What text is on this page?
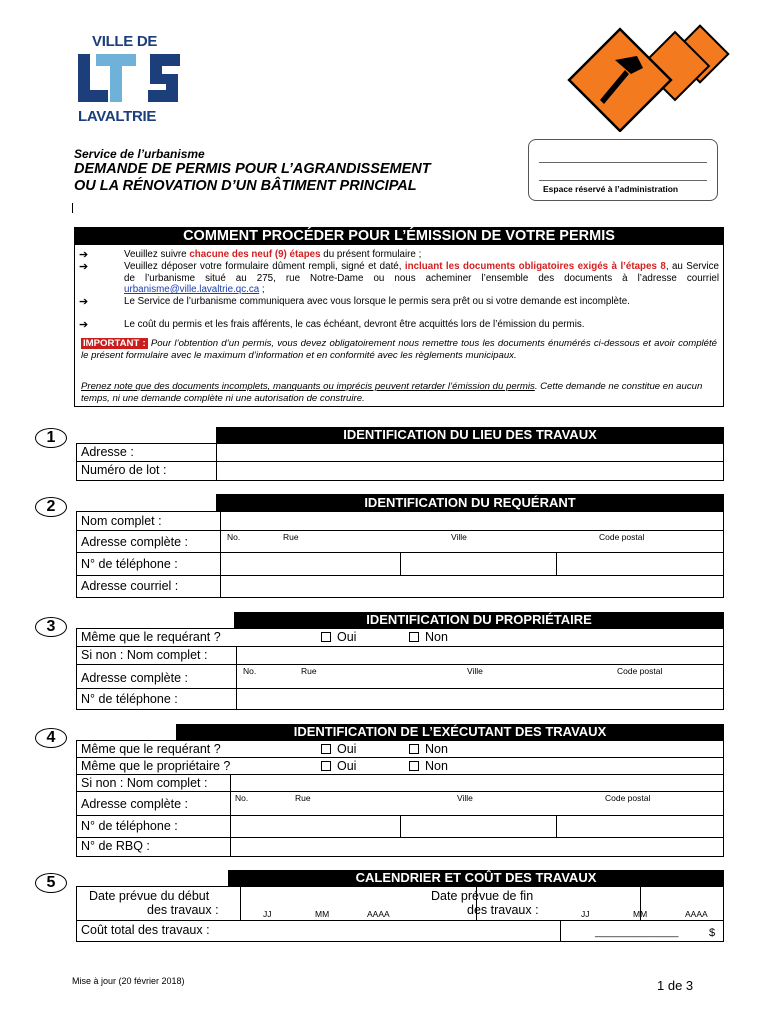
VILLE DE
LAVALTRIE
Service de l’urbanisme
DEMANDE DE PERMIS POUR L’AGRANDISSEMENT
OU LA RÉNOVATION D’UN BÂTIMENT PRINCIPAL	Espace réservé à l’administration
COMMENT PROCÉDER POUR L’ÉMISSION DE VOTRE PERMIS
➔	Veuillez suivre chacune des neuf (9) étapes du présent formulaire ;
➔	Veuillez déposer votre formulaire dûment rempli, signé et daté, incluant les documents obligatoires exigés à l’étapes 8, au Service de l’urbanisme situé au 275, rue Notre-Dame ou nous acheminer l’ensemble des documents à l’adresse courriel urbanisme@ville.lavaltrie.qc.ca ;
➔	Le Service de l’urbanisme communiquera avec vous lorsque le permis sera prêt ou si votre demande est incomplète.
➔	Le coût du permis et les frais afférents, le cas échéant, devront être acquittés lors de l’émission du permis.
IMPORTANT : Pour l’obtention d’un permis, vous devez obligatoirement nous remettre tous les documents énumérés ci-dessous et avoir complété le présent formulaire avec le maximum d’information et en conformité avec les règlements municipaux.
Prenez note que des documents incomplets, manquants ou imprécis peuvent retarder l’émission du permis. Cette demande ne constitue en aucun temps, ni une demande complète ni une autorisation de construire.
1	IDENTIFICATION DU LIEU DES TRAVAUX
Adresse :
Numéro de lot :
2	IDENTIFICATION DU REQUÉRANT
Nom complet :
Adresse complète :	No.	Rue	Ville	Code postal
N° de téléphone :
Adresse courriel :
3	IDENTIFICATION DU PROPRIÉTAIRE
Même que le requérant ?	Oui	Non
Si non : Nom complet :
Adresse complète :	No.	Rue	Ville	Code postal
N° de téléphone :
4	IDENTIFICATION DE L’EXÉCUTANT DES TRAVAUX
Même que le requérant ?	Oui	Non
Même que le propriétaire ?	Oui	Non
Si non : Nom complet :
Adresse complète :	No.	Rue	Ville	Code postal
N° de téléphone :
N° de RBQ :
5	CALENDRIER ET COÛT DES TRAVAUX
Date prévue du début
des travaux :	JJ	MM	AAAA
Date prévue de fin
des travaux :	JJ	MM	AAAA
Coût total des travaux :	_______________	$
Mise à jour (20 février 2018)	1 de 3
